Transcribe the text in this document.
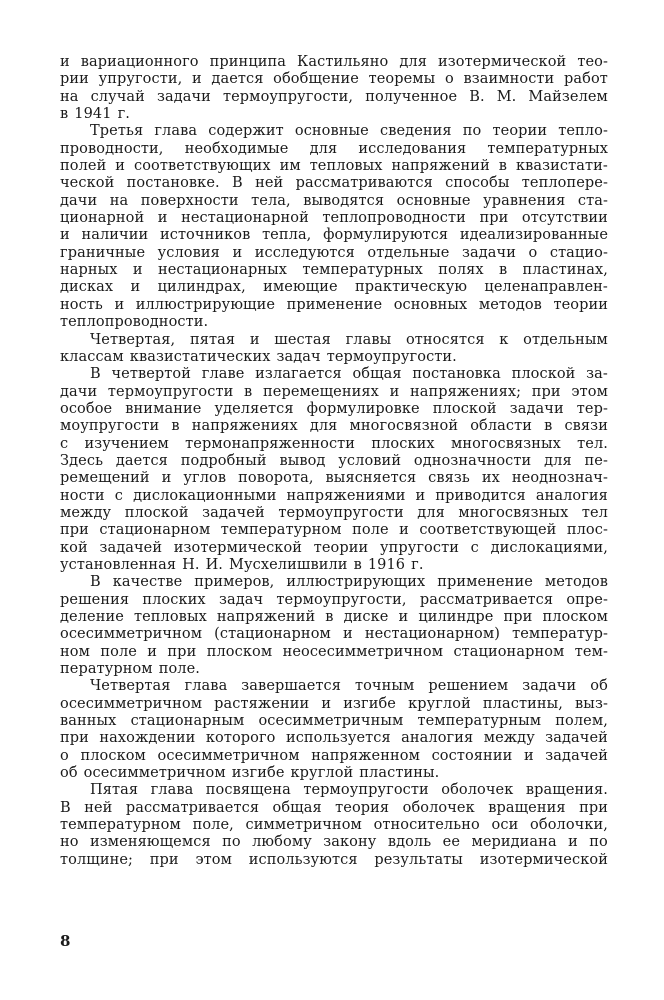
и вариационного принципа Кастильяно для изотермической тео-
рии упругости, и дается обобщение теоремы о взаимности работ
на случай задачи термоупругости, полученное В. М. Майзелем
в 1941 г.
Третья глава содержит основные сведения по теории тепло-
проводности, необходимые для исследования температурных
полей и соответствующих им тепловых напряжений в квазистати-
ческой постановке. В ней рассматриваются способы теплопере-
дачи на поверхности тела, выводятся основные уравнения ста-
ционарной и нестационарной теплопроводности при отсутствии
и наличии источников тепла, формулируются идеализированные
граничные условия и исследуются отдельные задачи о стацио-
нарных и нестационарных температурных полях в пластинах,
дисках и цилиндрах, имеющие практическую целенаправлен-
ность и иллюстрирующие применение основных методов теории
теплопроводности.
Четвертая, пятая и шестая главы относятся к отдельным
классам квазистатических задач термоупругости.
В четвертой главе излагается общая постановка плоской за-
дачи термоупругости в перемещениях и напряжениях; при этом
особое внимание уделяется формулировке плоской задачи тер-
моупругости в напряжениях для многосвязной области в связи
с изучением термонапряженности плоских многосвязных тел.
Здесь дается подробный вывод условий однозначности для пе-
ремещений и углов поворота, выясняется связь их неоднознач-
ности с дислокационными напряжениями и приводится аналогия
между плоской задачей термоупругости для многосвязных тел
при стационарном температурном поле и соответствующей плос-
кой задачей изотермической теории упругости с дислокациями,
установленная Н. И. Мусхелишвили в 1916 г.
В качестве примеров, иллюстрирующих применение методов
решения плоских задач термоупругости, рассматривается опре-
деление тепловых напряжений в диске и цилиндре при плоском
осесимметричном (стационарном и нестационарном) температур-
ном поле и при плоском неосесимметричном стационарном тем-
пературном поле.
Четвертая глава завершается точным решением задачи об
осесимметричном растяжении и изгибе круглой пластины, выз-
ванных стационарным осесимметричным температурным полем,
при нахождении которого используется аналогия между задачей
о плоском осесимметричном напряженном состоянии и задачей
об осесимметричном изгибе круглой пластины.
Пятая глава посвящена термоупругости оболочек вращения.
В ней рассматривается общая теория оболочек вращения при
температурном поле, симметричном относительно оси оболочки,
но изменяющемся по любому закону вдоль ее меридиана и по
толщине; при этом используются результаты изотермической
8
